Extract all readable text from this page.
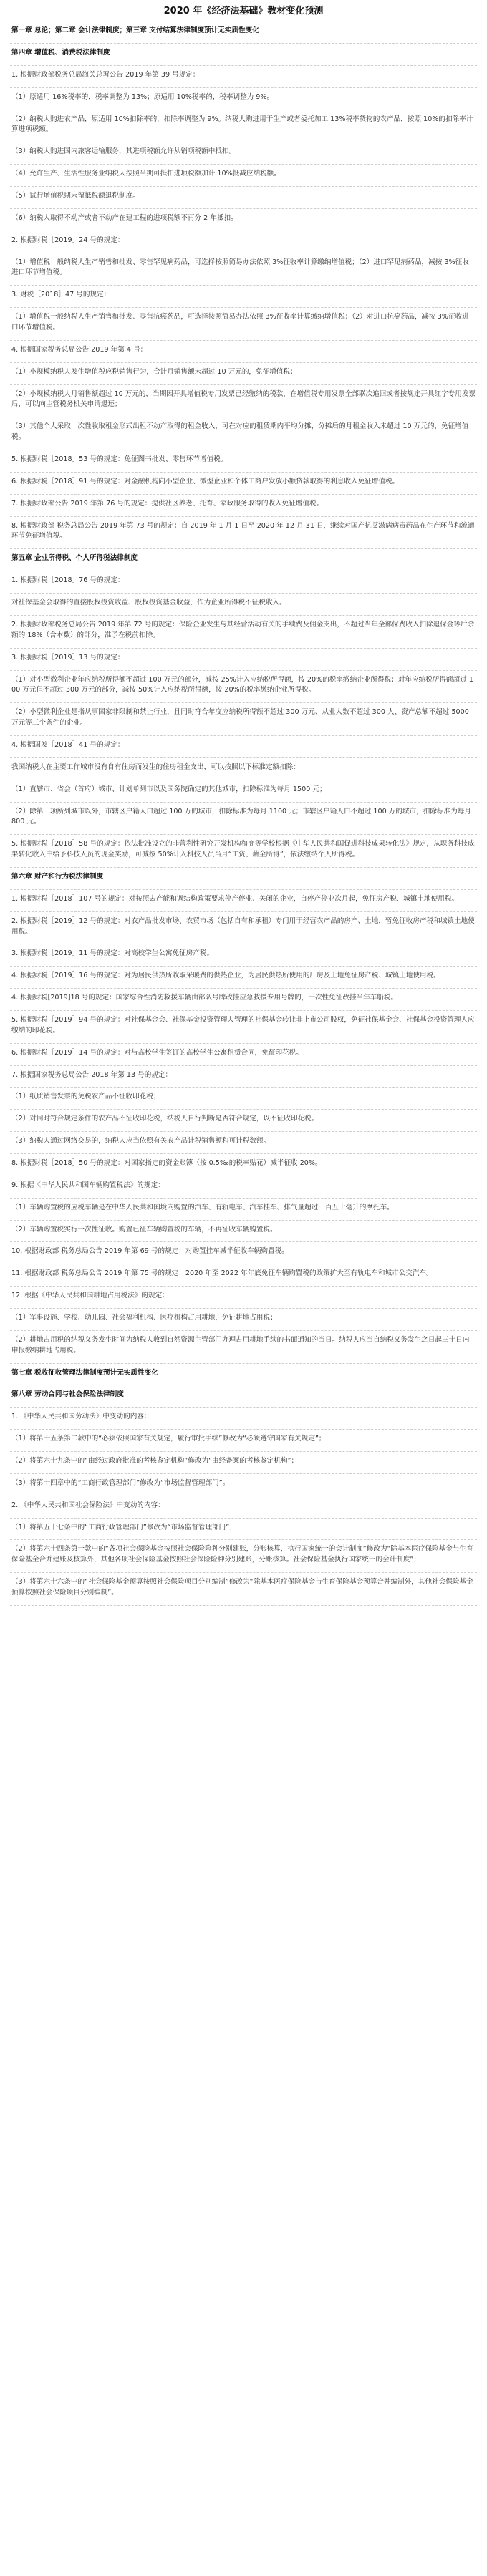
2020 年《经济法基础》教材变化预测
第一章 总论；第二章 会计法律制度；第三章 支付结算法律制度预计无实质性变化
第四章 增值税、消费税法律制度
1. 根据财政部税务总局海关总署公告 2019 年第 39 号规定：
（1）原适用 16%税率的，税率调整为 13%；原适用 10%税率的，税率调整为 9%。
（2）纳税人购进农产品，原适用 10%扣除率的，扣除率调整为 9%。纳税人购进用于生产或者委托加工 13%税率货物的农产品，按照 10%的扣除率计算进项税额。
（3）纳税人购进国内旅客运输服务，其进项税额允许从销项税额中抵扣。
（4）允许生产、生活性服务业纳税人按照当期可抵扣进项税额加计 10%抵减应纳税额。
（5）试行增值税期末留抵税额退税制度。
（6）纳税人取得不动产或者不动产在建工程的进项税额不再分 2 年抵扣。
2. 根据财税［2019］24 号的规定：
（1）增值税一般纳税人生产销售和批发、零售罕见病药品，可选择按照简易办法依照 3%征收率计算缴纳增值税；（2）进口罕见病药品，减按 3%征收进口环节增值税。
3. 财税［2018］47 号的规定：
（1）增值税一般纳税人生产销售和批发、零售抗癌药品，可选择按照简易办法依照 3%征收率计算缴纳增值税；（2）对进口抗癌药品，减按 3%征收进口环节增值税。
4. 根据国家税务总局公告 2019 年第 4 号：
（1）小规模纳税人发生增值税应税销售行为，合计月销售额未超过 10 万元的，免征增值税；
（2）小规模纳税人月销售额超过 10 万元的，当期因开具增值税专用发票已经缴纳的税款，在增值税专用发票全部联次追回或者按规定开具红字专用发票后，可以向主管税务机关申请退还；
（3）其他个人采取一次性收取租金形式出租不动产取得的租金收入，可在对应的租赁期内平均分摊，分摊后的月租金收入未超过 10 万元的，免征增值税。
5. 根据财税［2018］53 号的规定：免征图书批发、零售环节增值税。
6. 根据财税［2018］91 号的规定：对金融机构向小型企业、微型企业和个体工商户发放小额贷款取得的利息收入免征增值税。
7. 根据财政部公告 2019 年第 76 号的规定：提供社区养老、托育、家政服务取得的收入免征增值税。
8. 根据财政部 税务总局公告 2019 年第 73 号的规定：自 2019 年 1 月 1 日至 2020 年 12 月 31 日，继续对国产抗艾滋病病毒药品在生产环节和流通环节免征增值税。
第五章 企业所得税、个人所得税法律制度
1. 根据财税［2018］76 号的规定：
对社保基金会取得的直接股权投资收益、股权投资基金收益，作为企业所得税不征税收入。
2. 根据财政部税务总局公告 2019 年第 72 号的规定：保险企业发生与其经营活动有关的手续费及佣金支出，不超过当年全部保费收入扣除退保金等后余额的 18%（含本数）的部分，准予在税前扣除。
3. 根据财税［2019］13 号的规定：
（1）对小型微利企业年应纳税所得额不超过 100 万元的部分，减按 25%计入应纳税所得额，按 20%的税率缴纳企业所得税；对年应纳税所得额超过 100 万元但不超过 300 万元的部分，减按 50%计入应纳税所得额，按 20%的税率缴纳企业所得税。
（2）小型微利企业是指从事国家非限制和禁止行业，且同时符合年度应纳税所得额不超过 300 万元、从业人数不超过 300 人、资产总额不超过 5000 万元等三个条件的企业。
4. 根据国发［2018］41 号的规定：
我国纳税人在主要工作城市没有自有住房而发生的住房租金支出，可以按照以下标准定额扣除：
（1）直辖市、省会（首府）城市、计划单列市以及国务院确定的其他城市，扣除标准为每月 1500 元；
（2）除第一项所列城市以外，市辖区户籍人口超过 100 万的城市，扣除标准为每月 1100 元；市辖区户籍人口不超过 100 万的城市，扣除标准为每月 800 元。
5. 根据财税［2018］58 号的规定：依法批准设立的非营利性研究开发机构和高等学校根据《中华人民共和国促进科技成果转化法》规定，从职务科技成果转化收入中给予科技人员的现金奖励，可减按 50%计入科技人员当月“工资、薪金所得”，依法缴纳个人所得税。
第六章 财产和行为税法律制度
1. 根据财税［2018］107 号的规定：对按照去产能和调结构政策要求停产停业、关闭的企业，自停产停业次月起，免征房产税、城镇土地使用税。
2. 根据财税［2019］12 号的规定：对农产品批发市场、农贸市场（包括自有和承租）专门用于经营农产品的房产、土地，暂免征收房产税和城镇土地使用税。
3. 根据财税［2019］11 号的规定：对高校学生公寓免征房产税。
4. 根据财税［2019］16 号的规定：对为居民供热所收取采暖费的供热企业，为居民供热所使用的厂房及土地免征房产税、城镇土地使用税。
4. 根据财税[2019]18 号的规定：国家综合性消防救援车辆由部队号牌改挂应急救援专用号牌的，一次性免征改挂当年车船税。
5. 根据财税［2019］94 号的规定：对社保基金会、社保基金投资管理人管理的社保基金转让非上市公司股权，免征社保基金会、社保基金投资管理人应缴纳的印花税。
6. 根据财税［2019］14 号的规定：对与高校学生签订的高校学生公寓租赁合同，免征印花税。
7. 根据国家税务总局公告 2018 年第 13 号的规定：
（1）纸质销售发票的免税农产品不征收印花税；
（2）对同时符合规定条件的农产品不征收印花税，纳税人自行判断是否符合规定，以不征收印花税。
（3）纳税人通过网络交易的，纳税人应当依照有关农产品计税销售额和可计税数额。
8. 根据财税［2018］50 号的规定：对国家指定的资金账簿（按 0.5‰的税率贴花）减半征收 20%。
9. 根据《中华人民共和国车辆购置税法》的规定：
（1）车辆购置税的应税车辆是在中华人民共和国境内购置的汽车、有轨电车、汽车挂车、排气量超过一百五十毫升的摩托车。
（2）车辆购置税实行一次性征收。购置已征车辆购置税的车辆，不再征收车辆购置税。
10. 根据财政部 税务总局公告 2019 年第 69 号的规定：对购置挂车减半征收车辆购置税。
11. 根据财政部 税务总局公告 2019 年第 75 号的规定：2020 年至 2022 年年底免征车辆购置税的政策扩大至有轨电车和城市公交汽车。
12. 根据《中华人民共和国耕地占用税法》的规定：
（1）军事设施、学校、幼儿园、社会福利机构、医疗机构占用耕地，免征耕地占用税；
（2）耕地占用税的纳税义务发生时间为纳税人收到自然资源主管部门办理占用耕地手续的书面通知的当日。纳税人应当自纳税义务发生之日起三十日内申报缴纳耕地占用税。
第七章 税收征收管理法律制度预计无实质性变化
第八章 劳动合同与社会保险法律制度
1. 《中华人民共和国劳动法》中变动的内容：
（1）将第十五条第二款中的“必须依照国家有关规定，履行审批手续”修改为“必须遵守国家有关规定”；
（2）将第六十九条中的“由经过政府批准的考核鉴定机构”修改为“由经备案的考核鉴定机构”；
（3）将第十四章中的“工商行政管理部门”修改为“市场监督管理部门”。
2. 《中华人民共和国社会保险法》中变动的内容：
（1）将第五十七条中的“工商行政管理部门”修改为“市场监督管理部门”；
（2）将第六十四条第一款中的“各项社会保险基金按照社会保险险种分别建账，分账核算，执行国家统一的会计制度”修改为“除基本医疗保险基金与生育保险基金合并建账及核算外，其他各项社会保险基金按照社会保险险种分别建账，分账核算。社会保险基金执行国家统一的会计制度”；
（3）将第六十六条中的“社会保险基金预算按照社会保险项目分别编制”修改为“除基本医疗保险基金与生育保险基金预算合并编制外，其他社会保险基金预算按照社会保险项目分别编制”。
